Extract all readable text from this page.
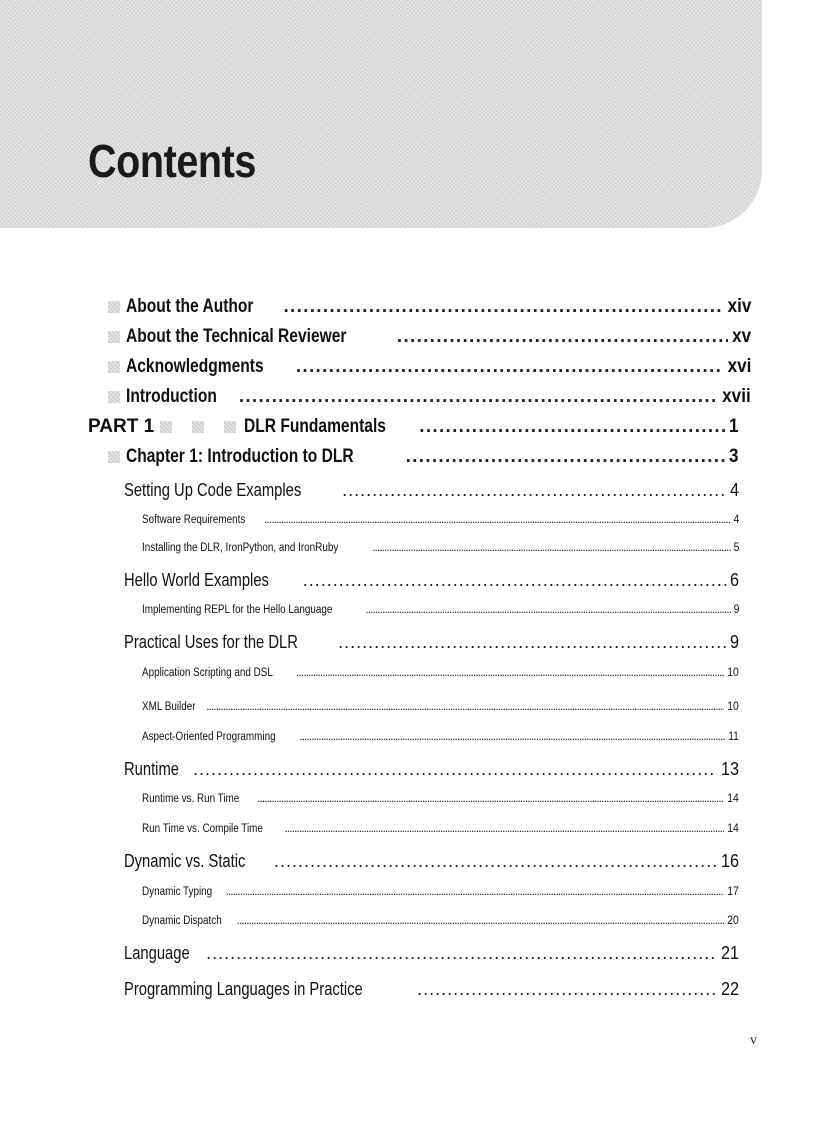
Contents
About the Author . . .	xiv
About the Technical Reviewer . . .	xv
Acknowledgments . . .	xvi
Introduction . . .	xvii
PART 1	DLR Fundamentals . . .	1
Chapter 1: Introduction to DLR . . .	3
Setting Up Code Examples . . .	4
Software Requirements . . .	4
Installing the DLR, IronPython, and IronRuby . . .	5
Hello World Examples . . .	6
Implementing REPL for the Hello Language . . .	9
Practical Uses for the DLR . . .	9
Application Scripting and DSL . . .	10
XML Builder . . .	10
Aspect-Oriented Programming . . .	11
Runtime . . .	13
Runtime vs. Run Time . . .	14
Run Time vs. Compile Time . . .	14
Dynamic vs. Static . . .	16
Dynamic Typing . . .	17
Dynamic Dispatch . . .	20
Language . . .	21
Programming Languages in Practice . . .	22

v
